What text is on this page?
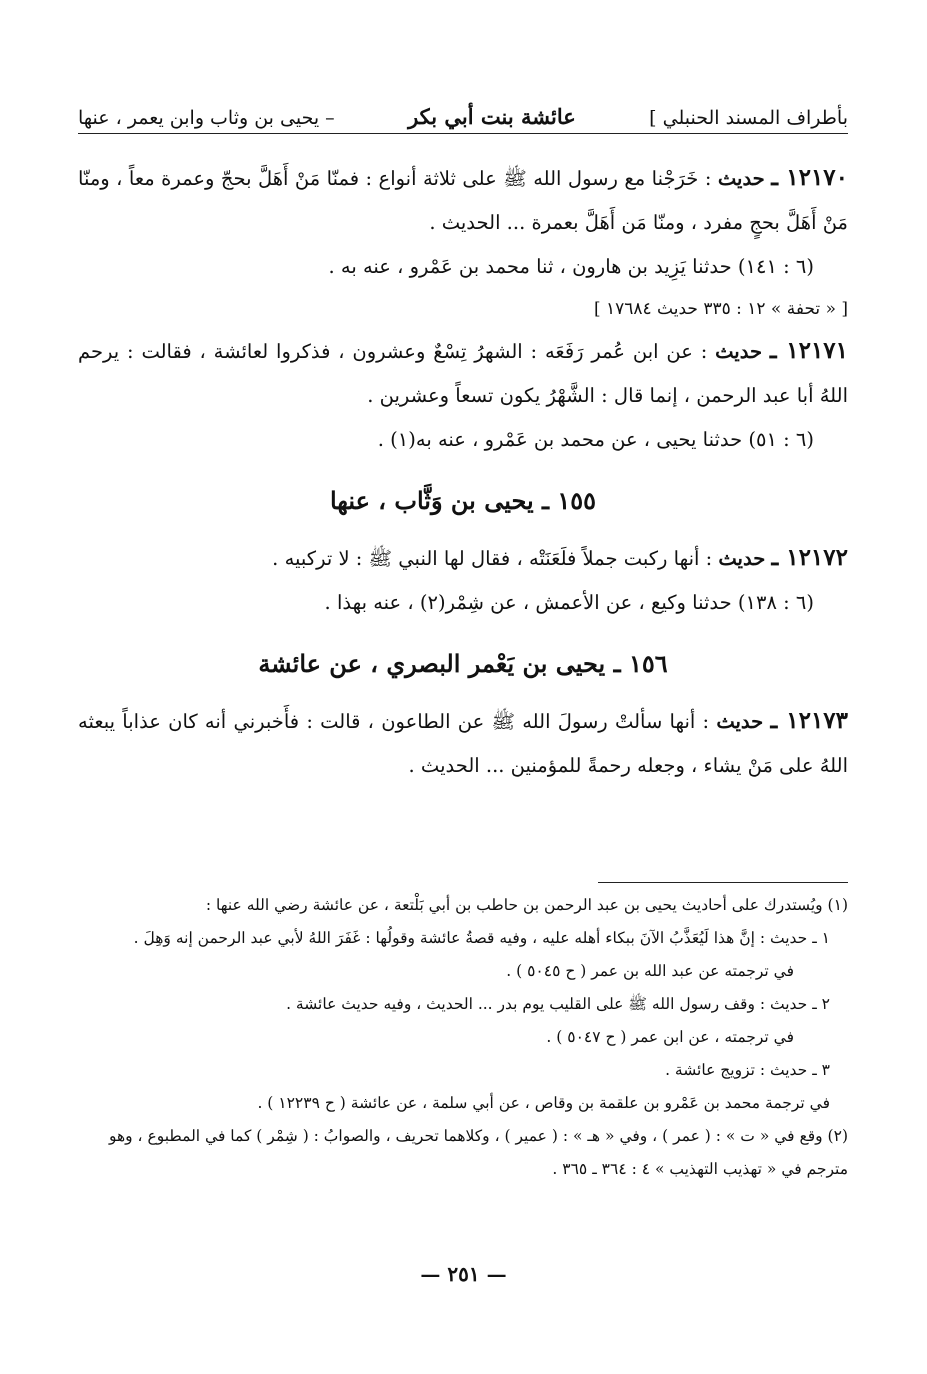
بأطراف المسند الحنبلي ]
عائشة بنت أبي بكر
– يحيى بن وثاب وابن يعمر ، عنها

١٢١٧٠ ـ حديث : خَرَجْنا مع رسول الله ﷺ على ثلاثة أنواع : فمنّا مَنْ أَهَلَّ بحجّ وعمرة معاً ، ومنّا مَنْ أَهَلَّ بحجٍ مفرد ، ومنّا مَن أَهَلَّ بعمرة ... الحديث .

(٦ : ١٤١) حدثنا يَزِيد بن هارون ، ثنا محمد بن عَمْرو ، عنه به .

[ « تحفة » ١٢ : ٣٣٥ حديث ١٧٦٨٤ ]

١٢١٧١ ـ حديث : عن ابن عُمر رَفَعَه : الشهرُ تِسْعٌ وعشرون ، فذكروا لعائشة ، فقالت : يرحم اللهُ أبا عبد الرحمن ، إنما قال : الشَّهْرُ يكون تسعاً وعشرين .

(٦ : ٥١) حدثنا يحيى ، عن محمد بن عَمْرو ، عنه به(١) .

١٥٥ ـ يحيى بن وَثَّاب ، عنها

١٢١٧٢ ـ حديث : أنها ركبت جملاً فلَعَنَتْه ، فقال لها النبي ﷺ : لا تركبيه .

(٦ : ١٣٨) حدثنا وكيع ، عن الأعمش ، عن شِمْر(٢) ، عنه بهذا .

١٥٦ ـ يحيى بن يَعْمر البصري ، عن عائشة

١٢١٧٣ ـ حديث : أنها سألتْ رسولَ الله ﷺ عن الطاعون ، قالت : فأَخبرني أنه كان عذاباً يبعثه اللهُ على مَنْ يشاء ، وجعله رحمةً للمؤمنين ... الحديث .

(١) ويُستدرك على أحاديث يحيى بن عبد الرحمن بن حاطب بن أبي بَلْتعة ، عن عائشة رضي الله عنها :

١ ـ حديث : إنَّ هذا لَيُعَذَّبُ الآنَ ببكاء أهله عليه ، وفيه قصةُ عائشة وقولُها : غَفَرَ اللهُ لأبي عبد الرحمن إنه وَهِلَ .

في ترجمته عن عبد الله بن عمر ( ح ٥٠٤٥ ) .

٢ ـ حديث : وقف رسول الله ﷺ على القليب يوم بدر ... الحديث ، وفيه حديث عائشة .

في ترجمته ، عن ابن عمر ( ح ٥٠٤٧ ) .

٣ ـ حديث : تزويج عائشة .

في ترجمة محمد بن عَمْرو بن علقمة بن وقاص ، عن أبي سلمة ، عن عائشة ( ح ١٢٢٣٩ ) .

(٢) وقع في « ت » : ( عمر ) ، وفي « هـ » : ( عمير ) ، وكلاهما تحريف ، والصوابُ : ( شِمْر ) كما في المطبوع ، وهو مترجم في « تهذيب التهذيب » ٤ : ٣٦٤ ـ ٣٦٥ .

— ٢٥١ —
